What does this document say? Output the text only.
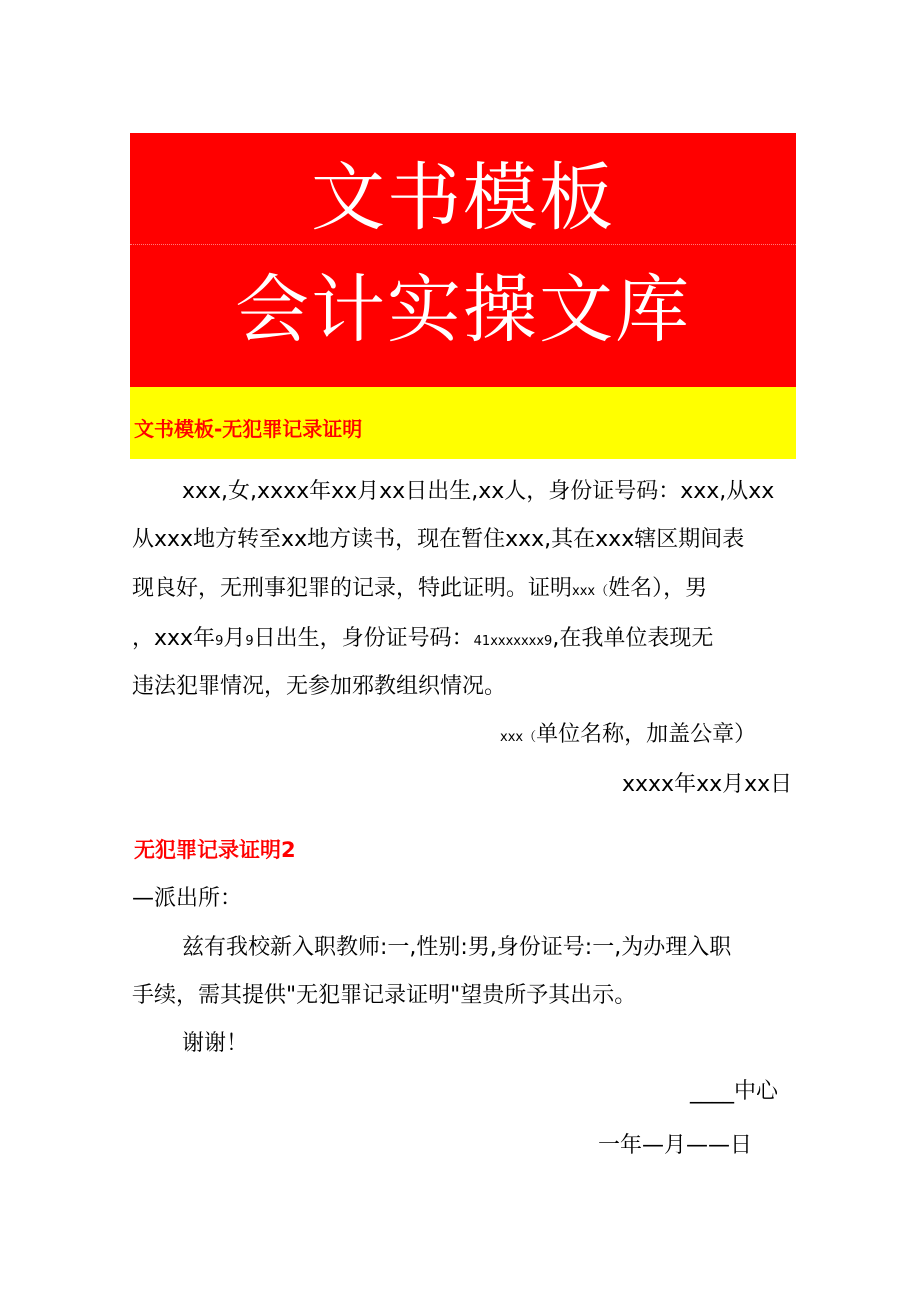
文书模板
会计实操文库
文书模板-无犯罪记录证明
xxx,女,xxxx年xx月xx日出生,xx人，身份证号码：xxx,从xx
从xxx地方转至xx地方读书，现在暂住xxx,其在xxx辖区期间表
现良好，无刑事犯罪的记录，特此证明。证明xxx（姓名），男
，xxx年9月9日出生，身份证号码：41xxxxxxx9,在我单位表现无
违法犯罪情况，无参加邪教组织情况。
xxx（单位名称，加盖公章）
xxxx年xx月xx日
无犯罪记录证明2
—派出所：
兹有我校新入职教师:一,性别:男,身份证号:一,为办理入职
手续，需其提供"无犯罪记录证明"望贵所予其出示。
谢谢！
____中心
一年—月——日
